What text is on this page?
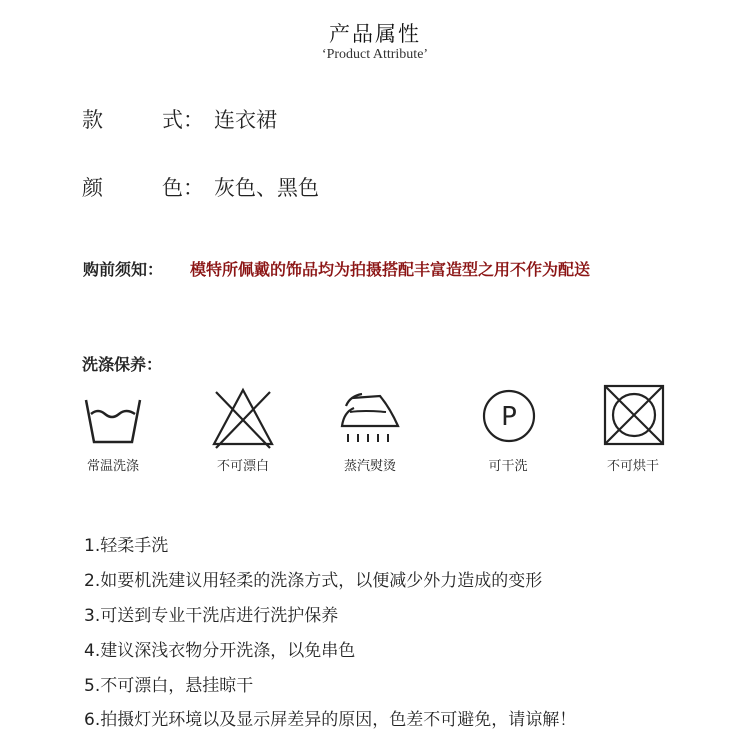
产品属性
‘Product Attribute’
款 式： 连衣裙
颜 色： 灰色、黑色
购前须知： 模特所佩戴的饰品均为拍摄搭配丰富造型之用不作为配送
洗涤保养：
常温洗涤	不可漂白	蒸汽熨烫
P
可干洗	不可烘干
1.轻柔手洗
2.如要机洗建议用轻柔的洗涤方式，以便减少外力造成的变形
3.可送到专业干洗店进行洗护保养
4.建议深浅衣物分开洗涤，以免串色
5.不可漂白，悬挂晾干
6.拍摄灯光环境以及显示屏差异的原因，色差不可避免，请谅解！
